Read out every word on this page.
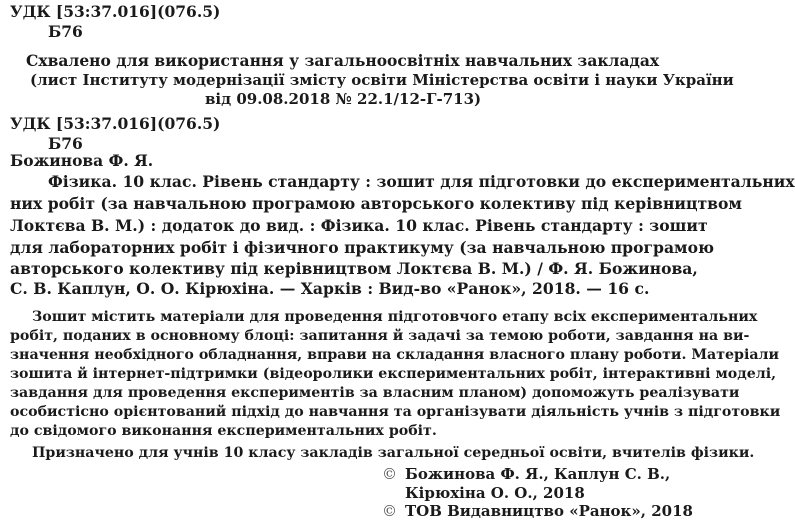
УДК [53:37.016](076.5)
Б76
Схвалено для використання у загальноосвітніх навчальних закладах
(лист Інституту модернізації змісту освіти Міністерства освіти і науки України
від 09.08.2018 № 22.1/12-Г-713)
УДК [53:37.016](076.5)
Б76
Божинова Ф. Я.
Фізика. 10 клас. Рівень стандарту : зошит для підготовки до експериментальних
них робіт (за навчальною програмою авторського колективу під керівництвом
Локтєва В. М.) : додаток до вид. : Фізика. 10 клас. Рівень стандарту : зошит
для лабораторних робіт і фізичного практикуму (за навчальною програмою
авторського колективу під керівництвом Локтєва В. М.) / Ф. Я. Божинова,
С. В. Каплун, О. О. Кірюхіна. — Харків : Вид-во «Ранок», 2018. — 16 с.
Зошит містить матеріали для проведення підготовчого етапу всіх експериментальних
робіт, поданих в основному блоці: запитання й задачі за темою роботи, завдання на ви-
значення необхідного обладнання, вправи на складання власного плану роботи. Матеріали
зошита й інтернет-підтримки (відеоролики експериментальних робіт, інтерактивні моделі,
завдання для проведення експериментів за власним планом) допоможуть реалізувати
особистісно орієнтований підхід до навчання та організувати діяльність учнів з підготовки
до свідомого виконання експериментальних робіт.
Призначено для учнів 10 класу закладів загальної середньої освіти, вчителів фізики.
© Божинова Ф. Я., Каплун С. В.,
Кірюхіна О. О., 2018
© ТОВ Видавництво «Ранок», 2018
